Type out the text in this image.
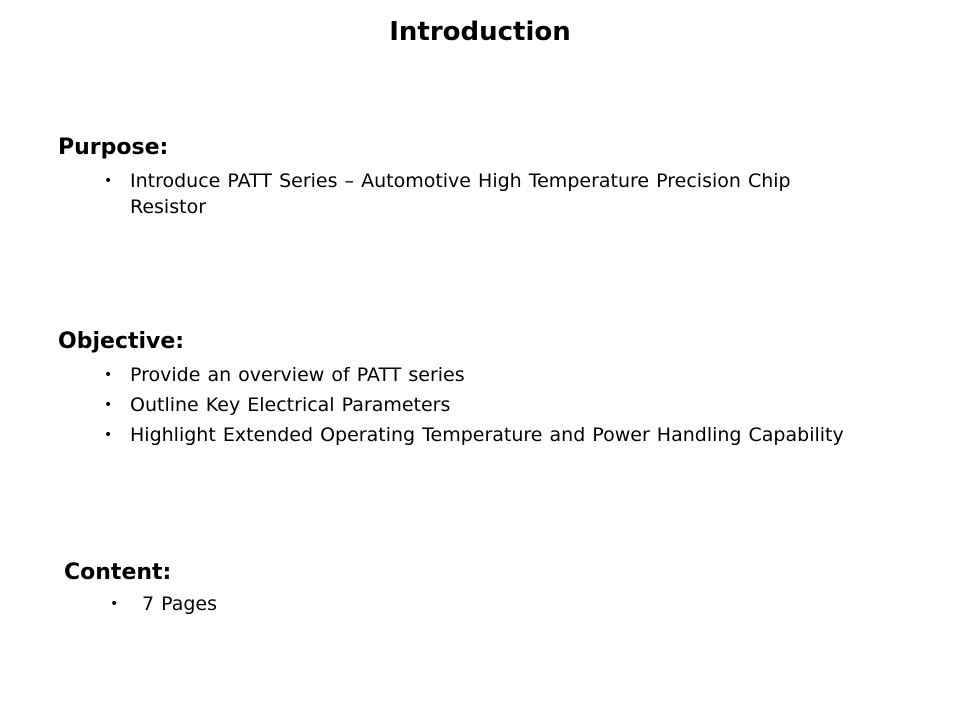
Introduction
Purpose:
• Introduce PATT Series – Automotive High Temperature Precision Chip Resistor
Objective:
• Provide an overview of PATT series
• Outline Key Electrical Parameters
• Highlight Extended Operating Temperature and Power Handling Capability
Content:
• 7 Pages
